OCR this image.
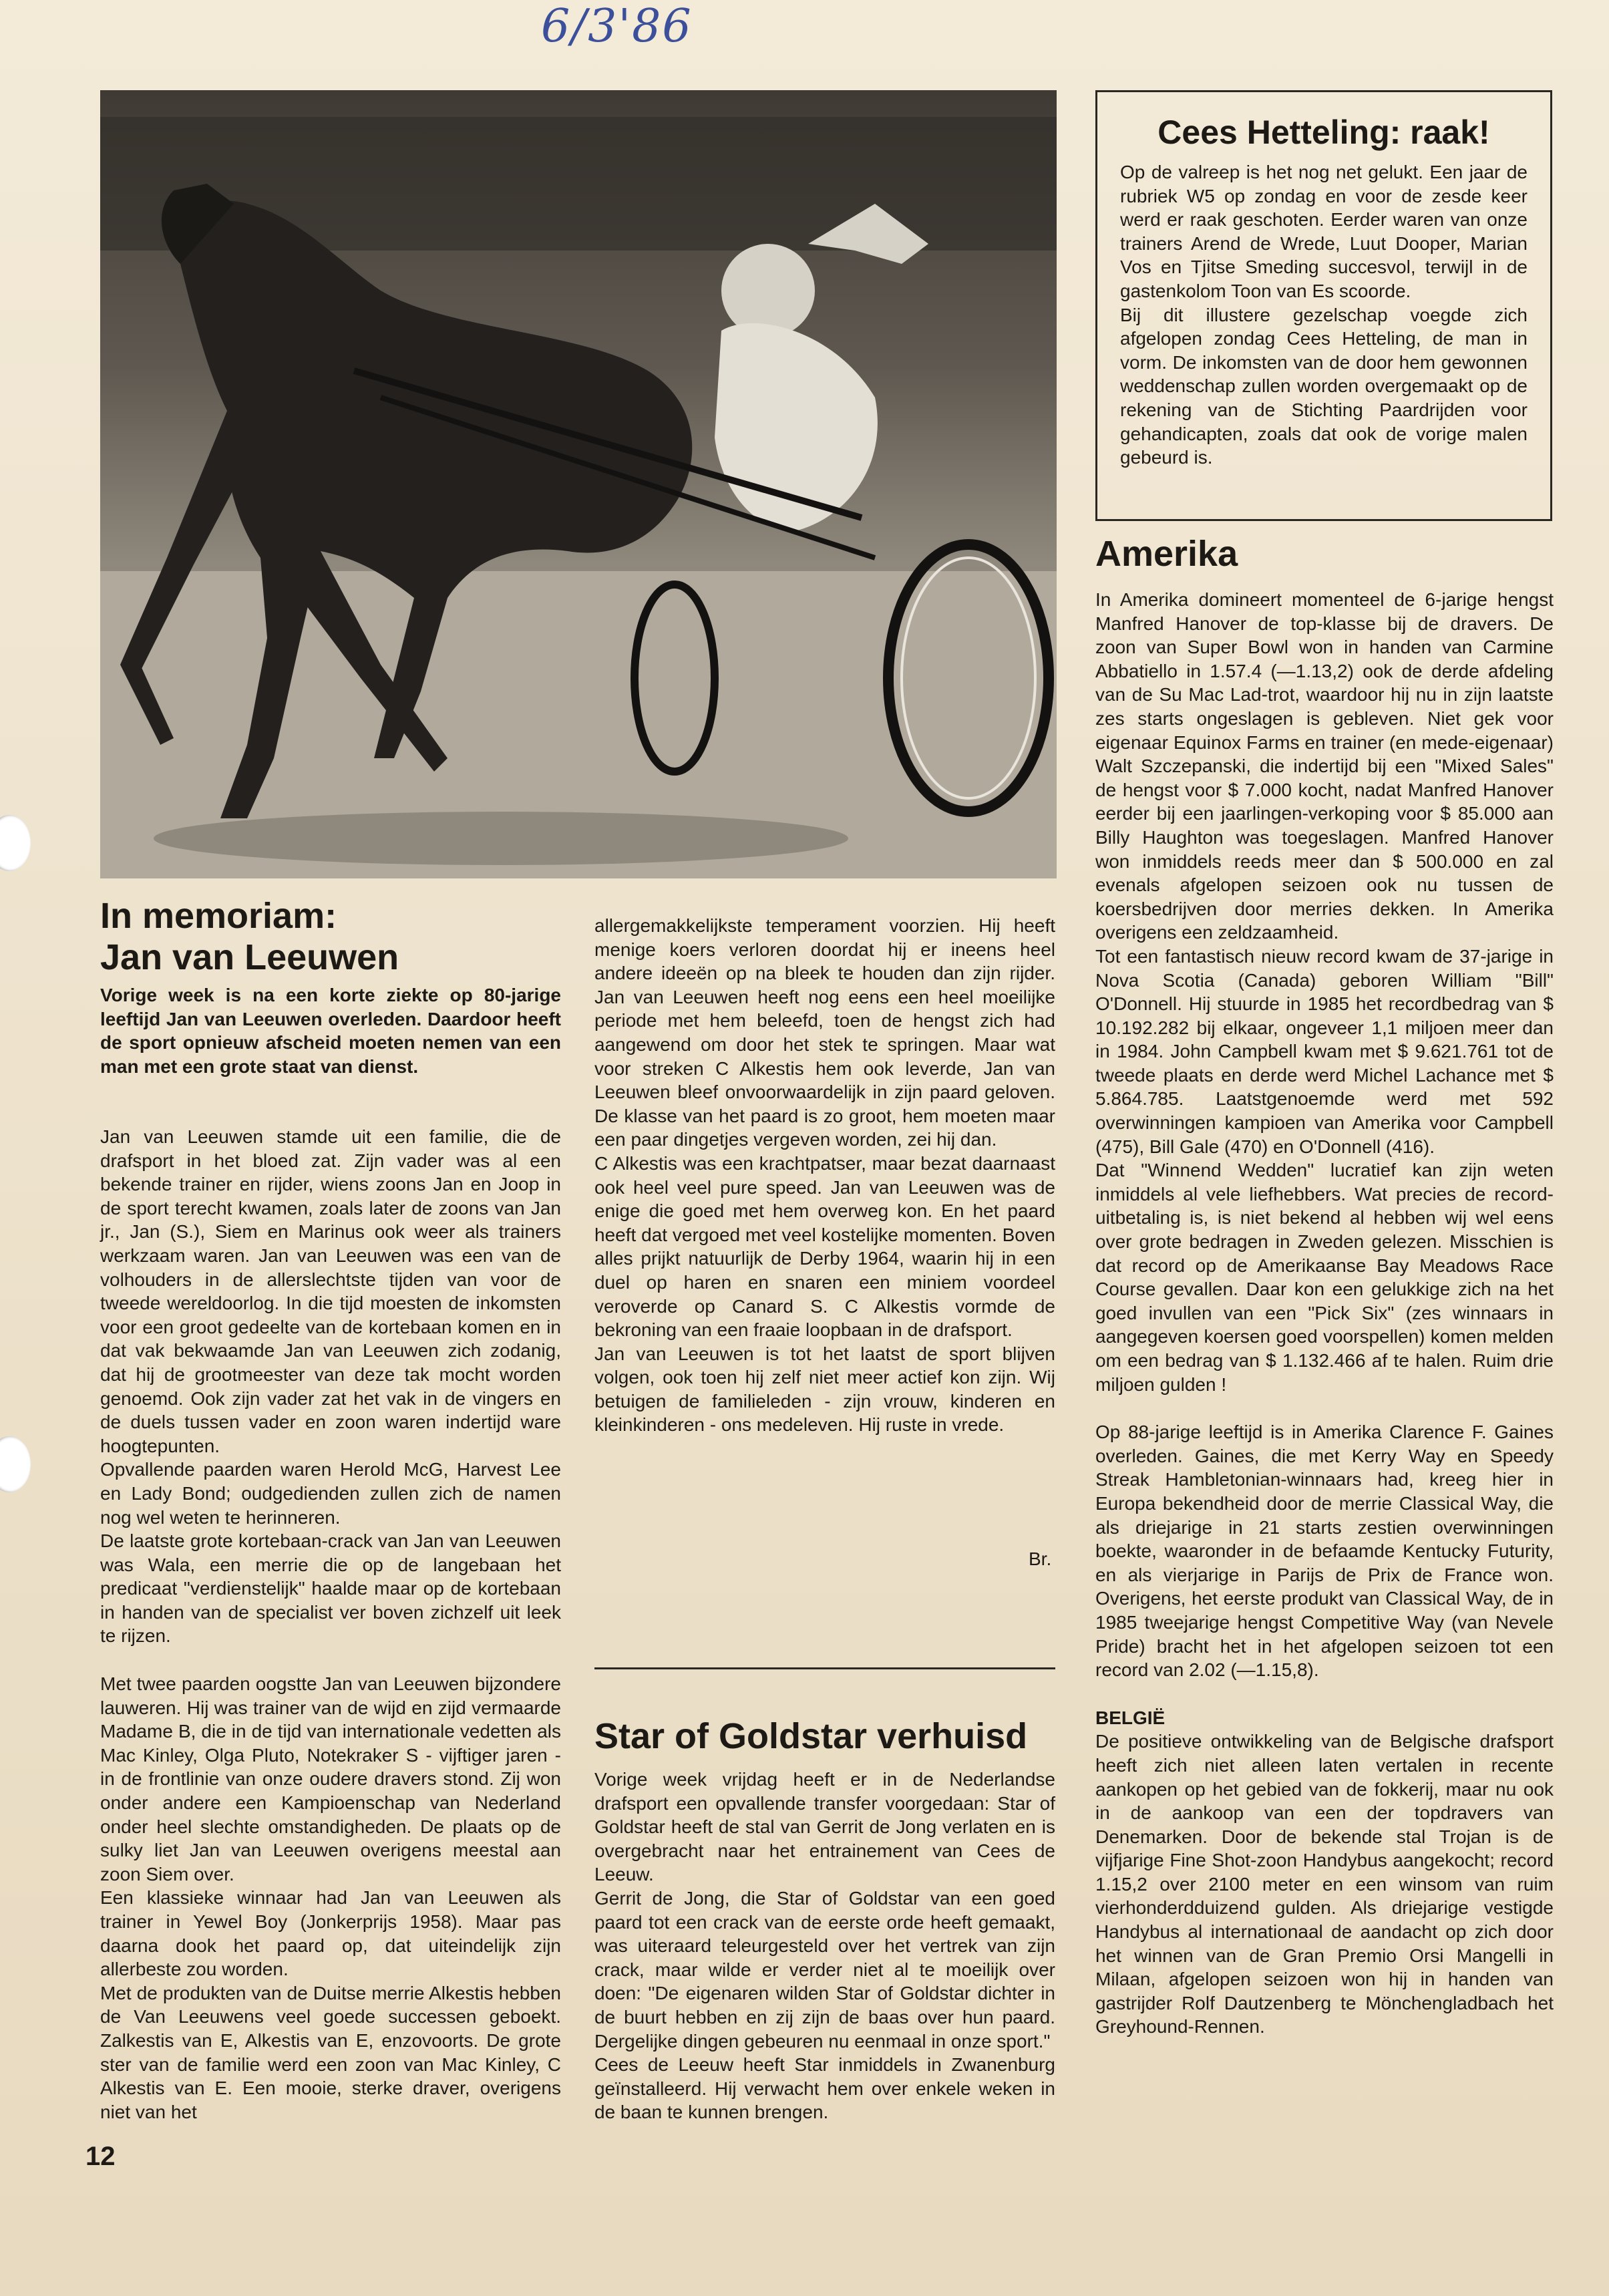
6/3'86
Cees Hetteling: raak!

Op de valreep is het nog net gelukt. Een jaar de rubriek W5 op zondag en voor de zesde keer werd er raak geschoten. Eerder waren van onze trainers Arend de Wrede, Luut Dooper, Marian Vos en Tjitse Smeding succesvol, terwijl in de gastenkolom Toon van Es scoorde.

Bij dit illustere gezelschap voegde zich afgelopen zondag Cees Hetteling, de man in vorm. De inkomsten van de door hem gewonnen weddenschap zullen worden overgemaakt op de rekening van de Stichting Paardrijden voor gehandicapten, zoals dat ook de vorige malen gebeurd is.

Amerika

In Amerika domineert momenteel de 6-jarige hengst Manfred Hanover de top-klasse bij de dravers. De zoon van Super Bowl won in handen van Carmine Abbatiello in 1.57.4 (—1.13,2) ook de derde afdeling van de Su Mac Lad-trot, waardoor hij nu in zijn laatste zes starts ongeslagen is gebleven. Niet gek voor eigenaar Equinox Farms en trainer (en mede-eigenaar) Walt Szczepanski, die indertijd bij een "Mixed Sales" de hengst voor $ 7.000 kocht, nadat Manfred Hanover eerder bij een jaarlingen-verkoping voor $ 85.000 aan Billy Haughton was toegeslagen. Manfred Hanover won inmiddels reeds meer dan $ 500.000 en zal evenals afgelopen seizoen ook nu tussen de koersbedrijven door merries dekken. In Amerika overigens een zeldzaamheid.

Tot een fantastisch nieuw record kwam de 37-jarige in Nova Scotia (Canada) geboren William "Bill" O'Donnell. Hij stuurde in 1985 het recordbedrag van $ 10.192.282 bij elkaar, ongeveer 1,1 miljoen meer dan in 1984. John Campbell kwam met $ 9.621.761 tot de tweede plaats en derde werd Michel Lachance met $ 5.864.785. Laatstgenoemde werd met 592 overwinningen kampioen van Amerika voor Campbell (475), Bill Gale (470) en O'Donnell (416).

Dat "Winnend Wedden" lucratief kan zijn weten inmiddels al vele liefhebbers. Wat precies de record-uitbetaling is, is niet bekend al hebben wij wel eens over grote bedragen in Zweden gelezen. Misschien is dat record op de Amerikaanse Bay Meadows Race Course gevallen. Daar kon een gelukkige zich na het goed invullen van een "Pick Six" (zes winnaars in aangegeven koersen goed voorspellen) komen melden om een bedrag van $ 1.132.466 af te halen. Ruim drie miljoen gulden !

Op 88-jarige leeftijd is in Amerika Clarence F. Gaines overleden. Gaines, die met Kerry Way en Speedy Streak Hambletonian-winnaars had, kreeg hier in Europa bekendheid door de merrie Classical Way, die als driejarige in 21 starts zestien overwinningen boekte, waaronder in de befaamde Kentucky Futurity, en als vierjarige in Parijs de Prix de France won. Overigens, het eerste produkt van Classical Way, de in 1985 tweejarige hengst Competitive Way (van Nevele Pride) bracht het in het afgelopen seizoen tot een record van 2.02 (—1.15,8).

BELGIË

De positieve ontwikkeling van de Belgische drafsport heeft zich niet alleen laten vertalen in recente aankopen op het gebied van de fokkerij, maar nu ook in de aankoop van een der topdravers van Denemarken. Door de bekende stal Trojan is de vijfjarige Fine Shot-zoon Handybus aangekocht; record 1.15,2 over 2100 meter en een winsom van ruim vierhonderdduizend gulden. Als driejarige vestigde Handybus al internationaal de aandacht op zich door het winnen van de Gran Premio Orsi Mangelli in Milaan, afgelopen seizoen won hij in handen van gastrijder Rolf Dautzenberg te Mönchengladbach het Greyhound-Rennen.

In memoriam:
Jan van Leeuwen
Vorige week is na een korte ziekte op 80-jarige leeftijd Jan van Leeuwen overleden. Daardoor heeft de sport opnieuw afscheid moeten nemen van een man met een grote staat van dienst.

Jan van Leeuwen stamde uit een familie, die de drafsport in het bloed zat. Zijn vader was al een bekende trainer en rijder, wiens zoons Jan en Joop in de sport terecht kwamen, zoals later de zoons van Jan jr., Jan (S.), Siem en Marinus ook weer als trainers werkzaam waren. Jan van Leeuwen was een van de volhouders in de allerslechtste tijden van voor de tweede wereldoorlog. In die tijd moesten de inkomsten voor een groot gedeelte van de kortebaan komen en in dat vak bekwaamde Jan van Leeuwen zich zodanig, dat hij de grootmeester van deze tak mocht worden genoemd. Ook zijn vader zat het vak in de vingers en de duels tussen vader en zoon waren indertijd ware hoogtepunten.

Opvallende paarden waren Herold McG, Harvest Lee en Lady Bond; oudgedienden zullen zich de namen nog wel weten te herinneren.

De laatste grote kortebaan-crack van Jan van Leeuwen was Wala, een merrie die op de langebaan het predicaat "verdienstelijk" haalde maar op de kortebaan in handen van de specialist ver boven zichzelf uit leek te rijzen.

Met twee paarden oogstte Jan van Leeuwen bijzondere lauweren. Hij was trainer van de wijd en zijd vermaarde Madame B, die in de tijd van internationale vedetten als Mac Kinley, Olga Pluto, Notekraker S - vijftiger jaren - in de frontlinie van onze oudere dravers stond. Zij won onder andere een Kampioenschap van Nederland onder heel slechte omstandigheden. De plaats op de sulky liet Jan van Leeuwen overigens meestal aan zoon Siem over.

Een klassieke winnaar had Jan van Leeuwen als trainer in Yewel Boy (Jonkerprijs 1958). Maar pas daarna dook het paard op, dat uiteindelijk zijn allerbeste zou worden.

Met de produkten van de Duitse merrie Alkestis hebben de Van Leeuwens veel goede successen geboekt. Zalkestis van E, Alkestis van E, enzovoorts. De grote ster van de familie werd een zoon van Mac Kinley, C Alkestis van E. Een mooie, sterke draver, overigens niet van het

allergemakkelijkste temperament voorzien. Hij heeft menige koers verloren doordat hij er ineens heel andere ideeën op na bleek te houden dan zijn rijder. Jan van Leeuwen heeft nog eens een heel moeilijke periode met hem beleefd, toen de hengst zich had aangewend om door het stek te springen. Maar wat voor streken C Alkestis hem ook leverde, Jan van Leeuwen bleef onvoorwaardelijk in zijn paard geloven. De klasse van het paard is zo groot, hem moeten maar een paar dingetjes vergeven worden, zei hij dan.

C Alkestis was een krachtpatser, maar bezat daarnaast ook heel veel pure speed. Jan van Leeuwen was de enige die goed met hem overweg kon. En het paard heeft dat vergoed met veel kostelijke momenten. Boven alles prijkt natuurlijk de Derby 1964, waarin hij in een duel op haren en snaren een miniem voordeel veroverde op Canard S. C Alkestis vormde de bekroning van een fraaie loopbaan in de drafsport.

Jan van Leeuwen is tot het laatst de sport blijven volgen, ook toen hij zelf niet meer actief kon zijn. Wij betuigen de familieleden - zijn vrouw, kinderen en kleinkinderen - ons medeleven. Hij ruste in vrede.

Br.
Star of Goldstar verhuisd

Vorige week vrijdag heeft er in de Nederlandse drafsport een opvallende transfer voorgedaan: Star of Goldstar heeft de stal van Gerrit de Jong verlaten en is overgebracht naar het entrainement van Cees de Leeuw.

Gerrit de Jong, die Star of Goldstar van een goed paard tot een crack van de eerste orde heeft gemaakt, was uiteraard teleurgesteld over het vertrek van zijn crack, maar wilde er verder niet al te moeilijk over doen: "De eigenaren wilden Star of Goldstar dichter in de buurt hebben en zij zijn de baas over hun paard. Dergelijke dingen gebeuren nu eenmaal in onze sport."

Cees de Leeuw heeft Star inmiddels in Zwanenburg geïnstalleerd. Hij verwacht hem over enkele weken in de baan te kunnen brengen.

12
